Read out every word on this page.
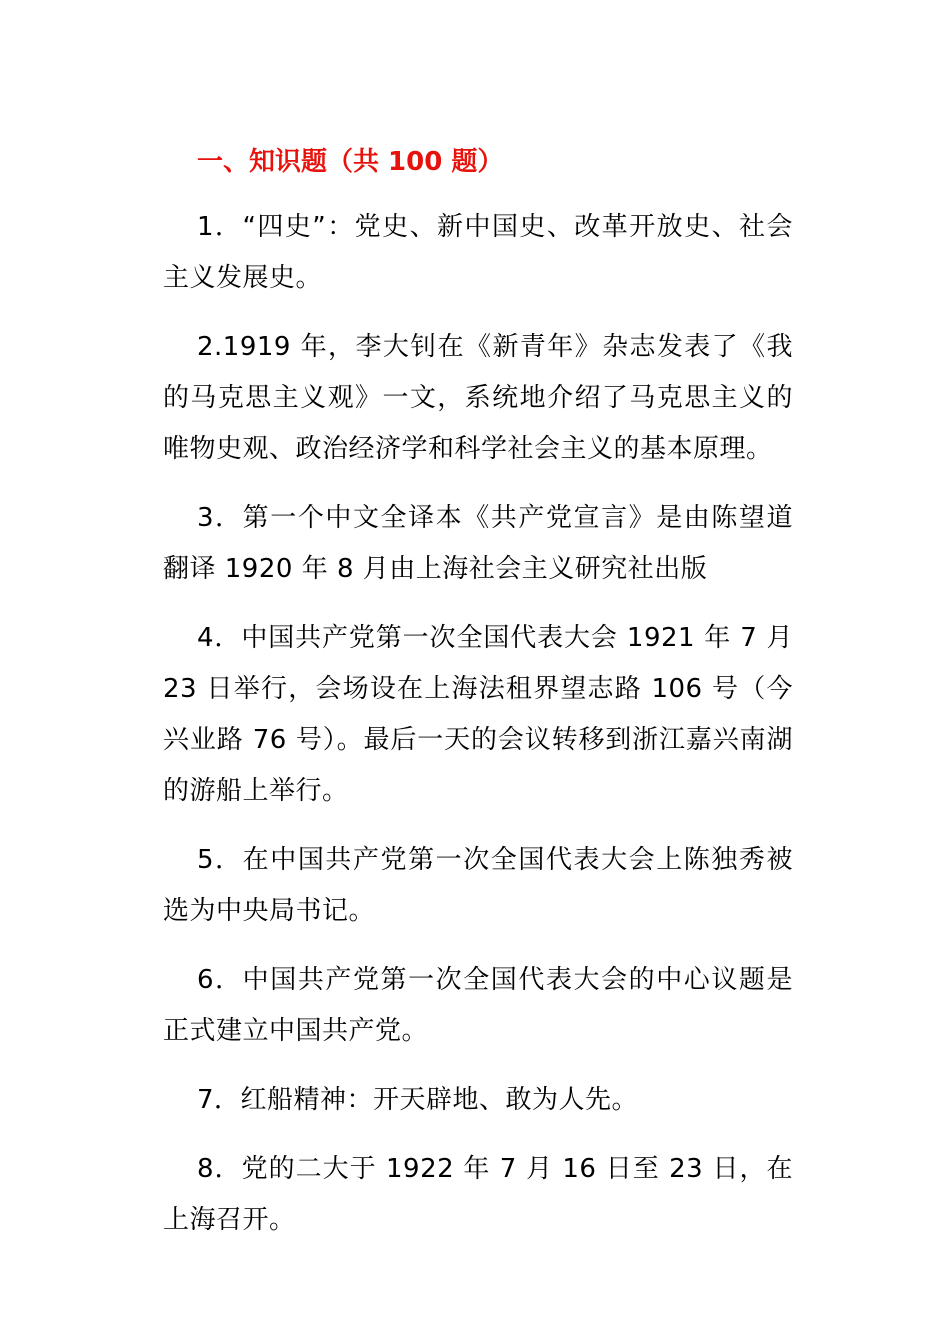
一、知识题（共 100 题）

1．“四史”：党史、新中国史、改革开放史、社会主义发展史。

2.1919 年，李大钊在《新青年》杂志发表了《我的马克思主义观》一文，系统地介绍了马克思主义的唯物史观、政治经济学和科学社会主义的基本原理。

3．第一个中文全译本《共产党宣言》是由陈望道翻译 1920 年 8 月由上海社会主义研究社出版

4．中国共产党第一次全国代表大会 1921 年 7 月 23 日举行，会场设在上海法租界望志路 106 号（今兴业路 76 号）。最后一天的会议转移到浙江嘉兴南湖的游船上举行。

5．在中国共产党第一次全国代表大会上陈独秀被选为中央局书记。

6．中国共产党第一次全国代表大会的中心议题是正式建立中国共产党。

7．红船精神：开天辟地、敢为人先。

8．党的二大于 1922 年 7 月 16 日至 23 日，在上海召开。
